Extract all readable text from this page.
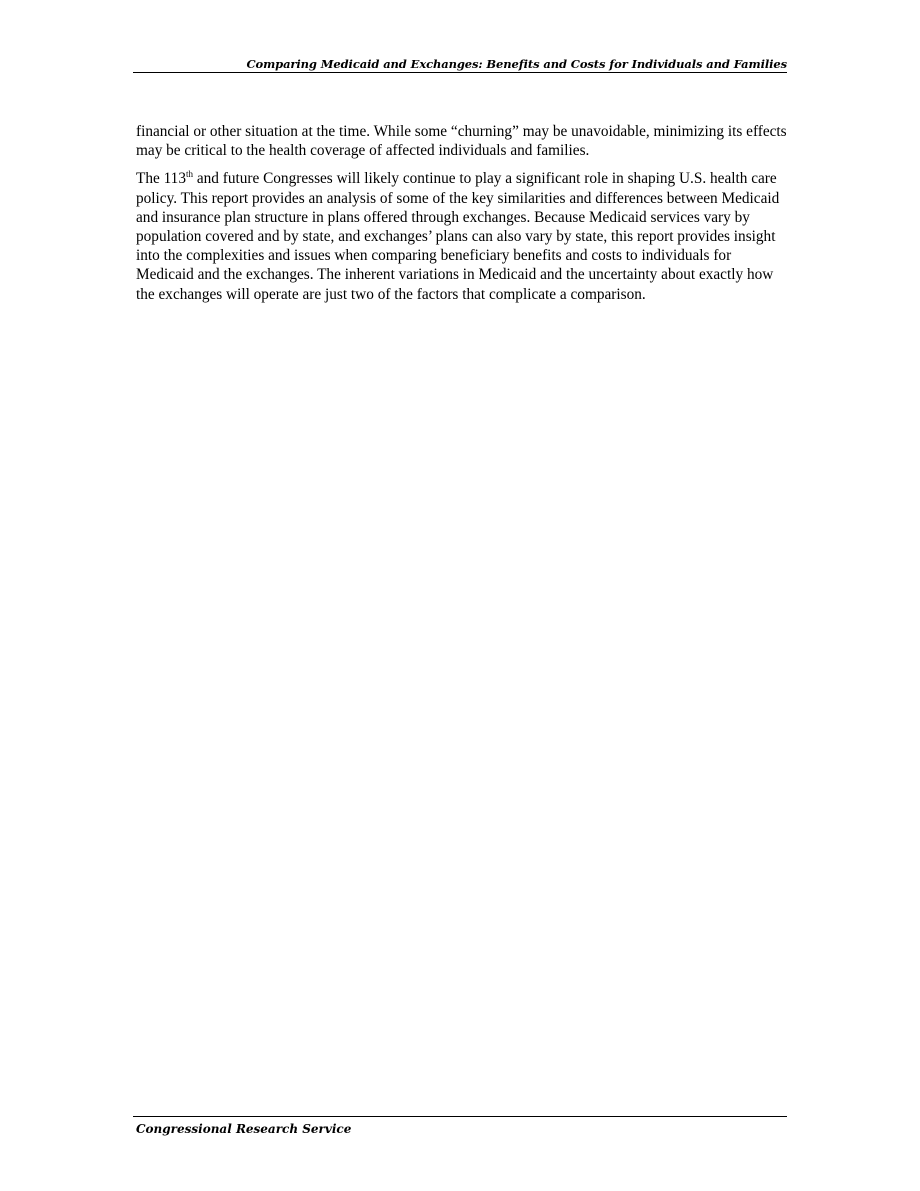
Comparing Medicaid and Exchanges: Benefits and Costs for Individuals and Families

financial or other situation at the time. While some “churning” may be unavoidable, minimizing its effects may be critical to the health coverage of affected individuals and families.

The 113th and future Congresses will likely continue to play a significant role in shaping U.S. health care policy. This report provides an analysis of some of the key similarities and differences between Medicaid and insurance plan structure in plans offered through exchanges. Because Medicaid services vary by population covered and by state, and exchanges’ plans can also vary by state, this report provides insight into the complexities and issues when comparing beneficiary benefits and costs to individuals for Medicaid and the exchanges. The inherent variations in Medicaid and the uncertainty about exactly how the exchanges will operate are just two of the factors that complicate a comparison.

Congressional Research Service
